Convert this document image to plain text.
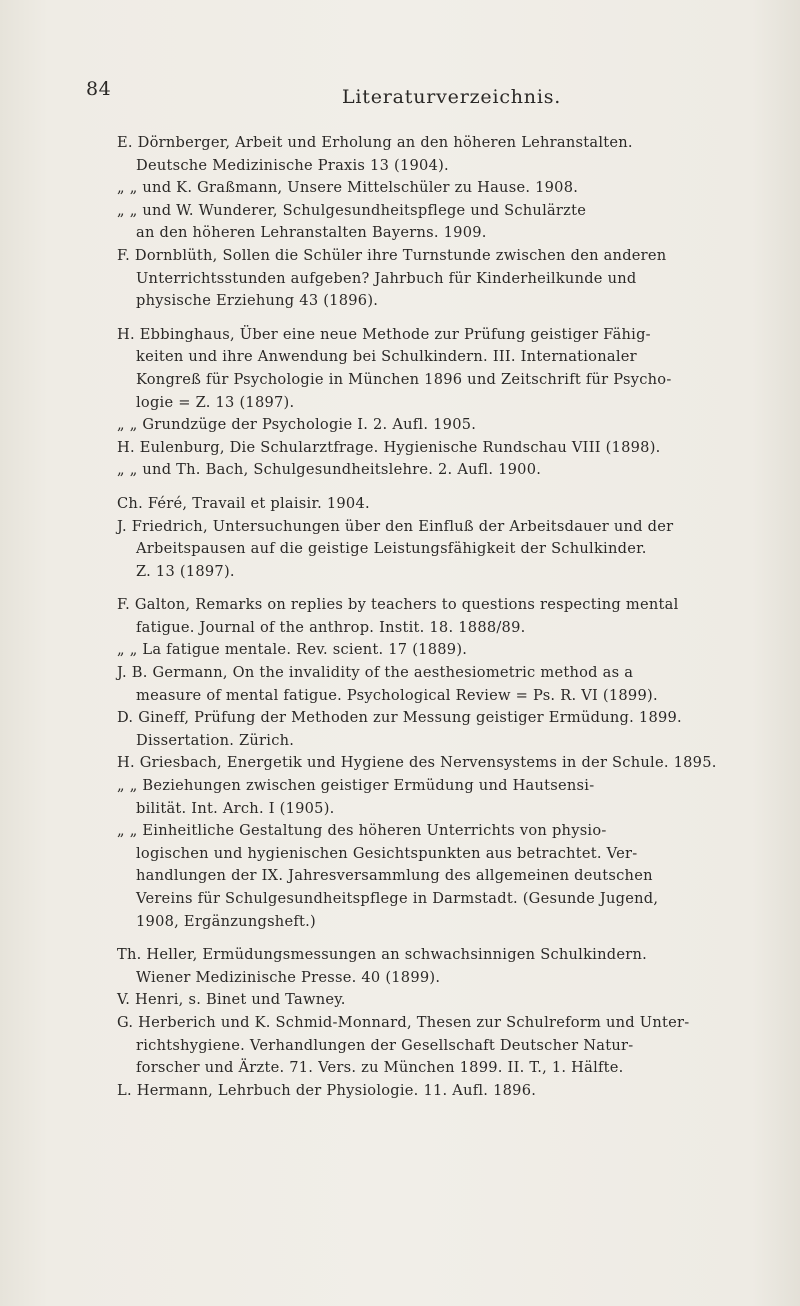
84	Literaturverzeichnis.

E. Dörnberger, Arbeit und Erholung an den höheren Lehranstalten.
Deutsche Medizinische Praxis 13 (1904).

„ „ und K. Graßmann, Unsere Mittelschüler zu Hause. 1908.

„ „ und W. Wunderer, Schulgesundheitspflege und Schulärzte
an den höheren Lehranstalten Bayerns. 1909.

F. Dornblüth, Sollen die Schüler ihre Turnstunde zwischen den anderen
Unterrichtsstunden aufgeben? Jahrbuch für Kinderheilkunde und
physische Erziehung 43 (1896).

H. Ebbinghaus, Über eine neue Methode zur Prüfung geistiger Fähig-
keiten und ihre Anwendung bei Schulkindern. III. Internationaler
Kongreß für Psychologie in München 1896 und Zeitschrift für Psycho-
logie = Z. 13 (1897).

„ „ Grundzüge der Psychologie I. 2. Aufl. 1905.

H. Eulenburg, Die Schularztfrage. Hygienische Rundschau VIII (1898).

„ „ und Th. Bach, Schulgesundheitslehre. 2. Aufl. 1900.

Ch. Féré, Travail et plaisir. 1904.

J. Friedrich, Untersuchungen über den Einfluß der Arbeitsdauer und der
Arbeitspausen auf die geistige Leistungsfähigkeit der Schulkinder.
Z. 13 (1897).

F. Galton, Remarks on replies by teachers to questions respecting mental
fatigue. Journal of the anthrop. Instit. 18. 1888/89.

„ „ La fatigue mentale. Rev. scient. 17 (1889).

J. B. Germann, On the invalidity of the aesthesiometric method as a
measure of mental fatigue. Psychological Review = Ps. R. VI (1899).

D. Gineff, Prüfung der Methoden zur Messung geistiger Ermüdung. 1899.
Dissertation. Zürich.

H. Griesbach, Energetik und Hygiene des Nervensystems in der Schule. 1895.

„ „ Beziehungen zwischen geistiger Ermüdung und Hautsensi-
bilität. Int. Arch. I (1905).

„ „ Einheitliche Gestaltung des höheren Unterrichts von physio-
logischen und hygienischen Gesichtspunkten aus betrachtet. Ver-
handlungen der IX. Jahresversammlung des allgemeinen deutschen
Vereins für Schulgesundheitspflege in Darmstadt. (Gesunde Jugend,
1908, Ergänzungsheft.)

Th. Heller, Ermüdungsmessungen an schwachsinnigen Schulkindern.
Wiener Medizinische Presse. 40 (1899).

V. Henri, s. Binet und Tawney.

G. Herberich und K. Schmid-Monnard, Thesen zur Schulreform und Unter-
richtshygiene. Verhandlungen der Gesellschaft Deutscher Natur-
forscher und Ärzte. 71. Vers. zu München 1899. II. T., 1. Hälfte.

L. Hermann, Lehrbuch der Physiologie. 11. Aufl. 1896.
